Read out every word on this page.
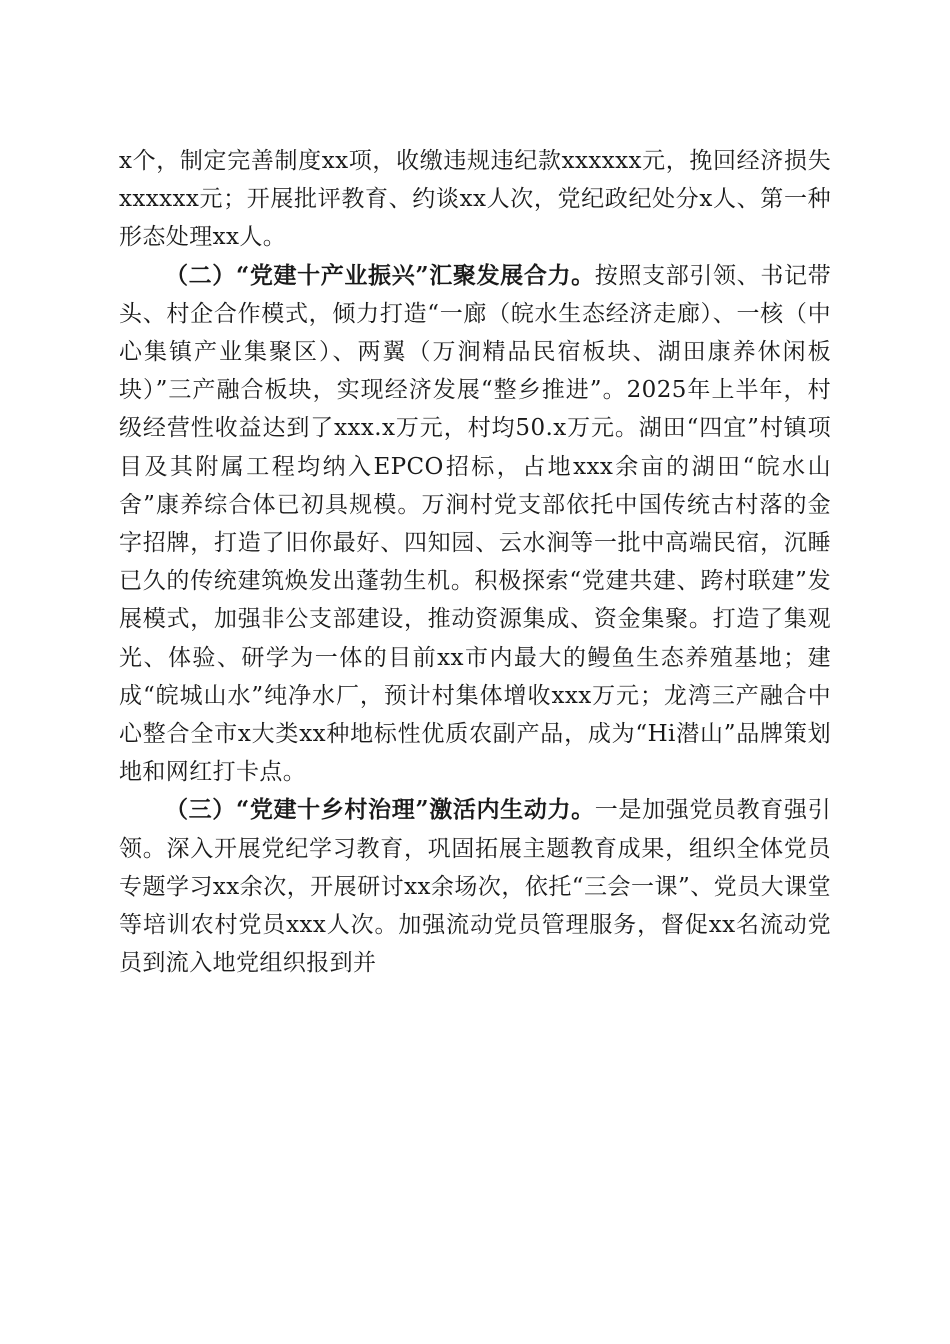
x个，制定完善制度xx项，收缴违规违纪款xxxxxx元，挽回经济损失xxxxxx元；开展批评教育、约谈xx人次，党纪政纪处分x人、第一种形态处理xx人。

（二）“党建十产业振兴”汇聚发展合力。按照支部引领、书记带头、村企合作模式，倾力打造“一廊（皖水生态经济走廊）、一核（中心集镇产业集聚区）、两翼（万涧精品民宿板块、湖田康养休闲板块）”三产融合板块，实现经济发展“整乡推进”。2025年上半年，村级经营性收益达到了xxx.x万元，村均50.x万元。湖田“四宜”村镇项目及其附属工程均纳入EPCO招标，占地xxx余亩的湖田“皖水山舍”康养综合体已初具规模。万涧村党支部依托中国传统古村落的金字招牌，打造了旧你最好、四知园、云水涧等一批中高端民宿，沉睡已久的传统建筑焕发出蓬勃生机。积极探索“党建共建、跨村联建”发展模式，加强非公支部建设，推动资源集成、资金集聚。打造了集观光、体验、研学为一体的目前xx市内最大的鳗鱼生态养殖基地；建成“皖城山水”纯净水厂，预计村集体增收xxx万元；龙湾三产融合中心整合全市x大类xx种地标性优质农副产品，成为“Hi潜山”品牌策划地和网红打卡点。

（三）“党建十乡村治理”激活内生动力。一是加强党员教育强引领。深入开展党纪学习教育，巩固拓展主题教育成果，组织全体党员专题学习xx余次，开展研讨xx余场次，依托“三会一课”、党员大课堂等培训农村党员xxx人次。加强流动党员管理服务，督促xx名流动党员到流入地党组织报到并
